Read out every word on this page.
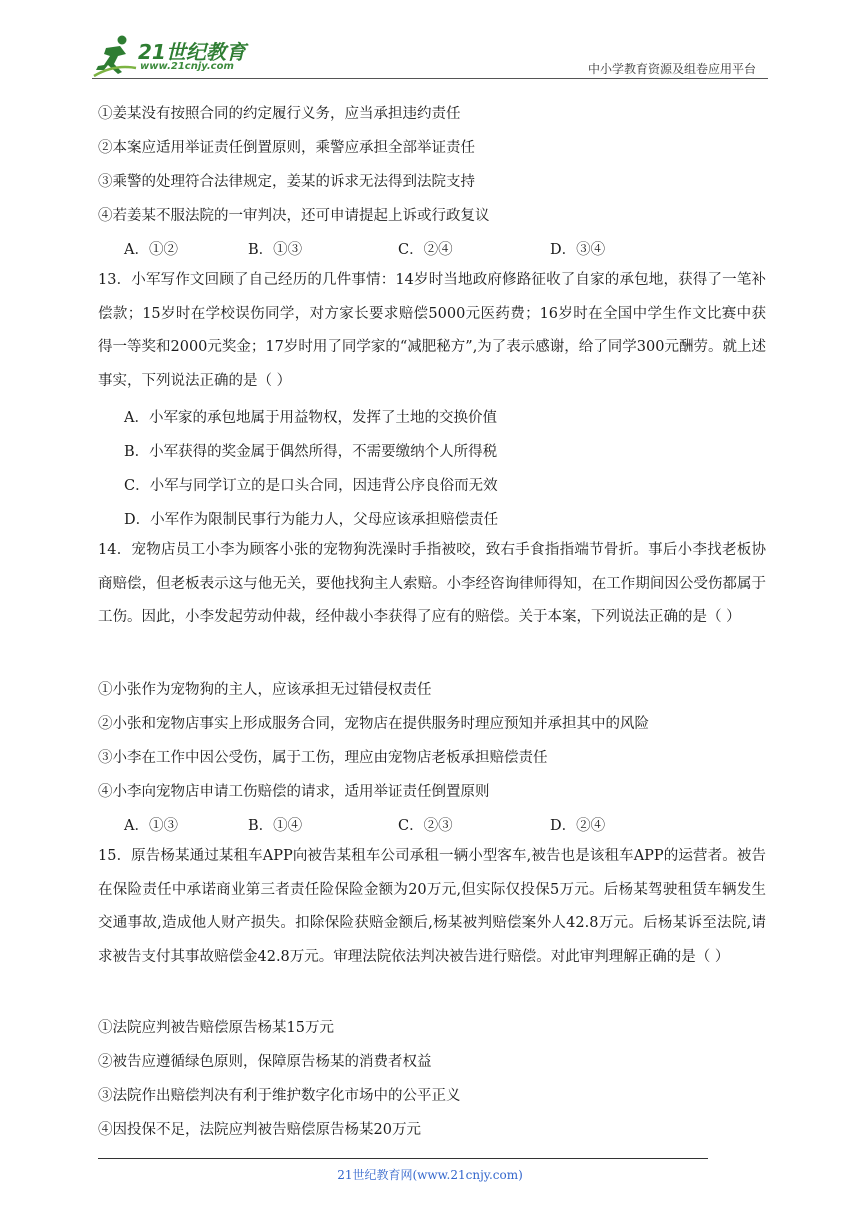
21世纪教育
www.21cnjy.com	中小学教育资源及组卷应用平台
①姜某没有按照合同的约定履行义务，应当承担违约责任
②本案应适用举证责任倒置原则，乘警应承担全部举证责任
③乘警的处理符合法律规定，姜某的诉求无法得到法院支持
④若姜某不服法院的一审判决，还可申请提起上诉或行政复议
A．①②	B．①③	C．②④	D．③④
13．小军写作文回顾了自己经历的几件事情：14岁时当地政府修路征收了自家的承包地，获得了一笔补偿款；15岁时在学校误伤同学，对方家长要求赔偿5000元医药费；16岁时在全国中学生作文比赛中获得一等奖和2000元奖金；17岁时用了同学家的“减肥秘方”,为了表示感谢，给了同学300元酬劳。就上述事实，下列说法正确的是（ ）
A．小军家的承包地属于用益物权，发挥了土地的交换价值
B．小军获得的奖金属于偶然所得，不需要缴纳个人所得税
C．小军与同学订立的是口头合同，因违背公序良俗而无效
D．小军作为限制民事行为能力人，父母应该承担赔偿责任
14．宠物店员工小李为顾客小张的宠物狗洗澡时手指被咬，致右手食指指端节骨折。事后小李找老板协商赔偿，但老板表示这与他无关，要他找狗主人索赔。小李经咨询律师得知，在工作期间因公受伤都属于工伤。因此，小李发起劳动仲裁，经仲裁小李获得了应有的赔偿。关于本案，下列说法正确的是（ ）
①小张作为宠物狗的主人，应该承担无过错侵权责任
②小张和宠物店事实上形成服务合同，宠物店在提供服务时理应预知并承担其中的风险
③小李在工作中因公受伤，属于工伤，理应由宠物店老板承担赔偿责任
④小李向宠物店申请工伤赔偿的请求，适用举证责任倒置原则
A．①③	B．①④	C．②③	D．②④
15．原告杨某通过某租车APP向被告某租车公司承租一辆小型客车,被告也是该租车APP的运营者。被告在保险责任中承诺商业第三者责任险保险金额为20万元,但实际仅投保5万元。后杨某驾驶租赁车辆发生交通事故,造成他人财产损失。扣除保险获赔金额后,杨某被判赔偿案外人42.8万元。后杨某诉至法院,请求被告支付其事故赔偿金42.8万元。审理法院依法判决被告进行赔偿。对此审判理解正确的是（ ）
①法院应判被告赔偿原告杨某15万元
②被告应遵循绿色原则，保障原告杨某的消费者权益
③法院作出赔偿判决有利于维护数字化市场中的公平正义
④因投保不足，法院应判被告赔偿原告杨某20万元
21世纪教育网(www.21cnjy.com)
